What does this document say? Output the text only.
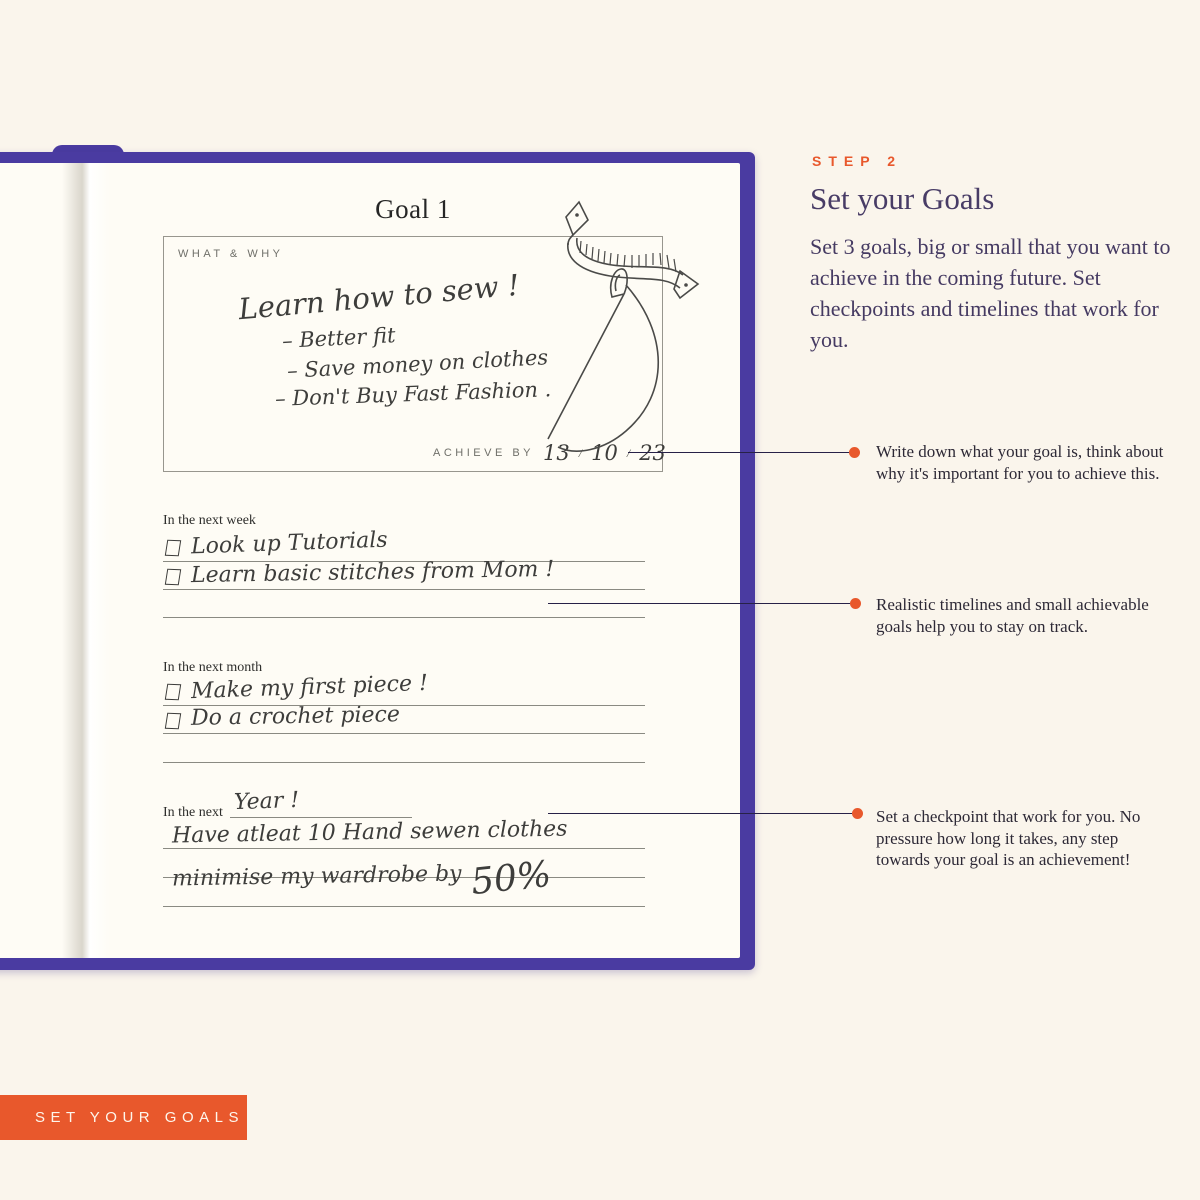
Goal 1
WHAT & WHY
Learn how to sew !
– Better fit
– Save money on clothes
– Don't Buy Fast Fashion .
ACHIEVE BY 13 / 10 / 23
In the next week
Look up Tutorials
Learn basic stitches from Mom !
In the next month
Make my first piece !
Do a crochet piece
In the next Year !
Have atleat 10 Hand sewen clothes
minimise my wardrobe by 50%
STEP 2
Set your Goals
Set 3 goals, big or small that you want to achieve in the coming future. Set checkpoints and timelines that work for you.
Write down what your goal is, think about why it's important for you to achieve this.
Realistic timelines and small achievable goals help you to stay on track.
Set a checkpoint that work for you. No pressure how long it takes, any step towards your goal is an achievement!
SET YOUR GOALS
